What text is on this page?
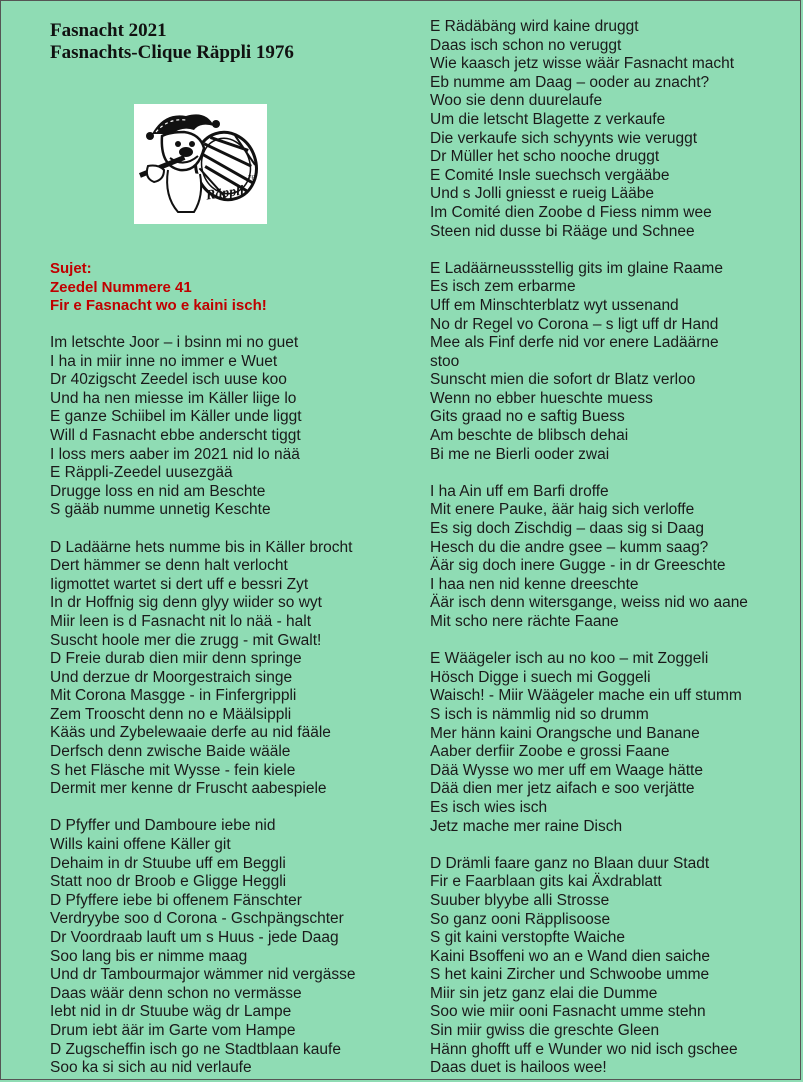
Fasnacht 2021
Fasnachts-Clique Räppli 1976
Räppli
76
Sujet:
Zeedel Nummere 41
Fir e Fasnacht wo e kaini isch!
Im letschte Joor – i bsinn mi no guet
I ha in miir inne no immer e Wuet
Dr 40zigscht Zeedel isch uuse koo
Und ha nen miesse im Käller liige lo
E ganze Schiibel im Käller unde liggt
Will d Fasnacht ebbe anderscht tiggt
I loss mers aaber im 2021 nid lo nää
E Räppli-Zeedel uusezgää
Drugge loss en nid am Beschte
S gääb numme unnetig Keschte
D Ladäärne hets numme bis in Käller brocht
Dert hämmer se denn halt verlocht
Iigmottet wartet si dert uff e bessri Zyt
In dr Hoffnig sig denn glyy wiider so wyt
Miir leen is d Fasnacht nit lo nää - halt
Suscht hoole mer die zrugg - mit Gwalt!
D Freie durab dien miir denn springe
Und derzue dr Moorgestraich singe
Mit Corona Masgge - in Finfergrippli
Zem Trooscht denn no e Määlsippli
Kääs und Zybelewaaie derfe au nid fääle
Derfsch denn zwische Baide wääle
S het Fläsche mit Wysse - fein kiele
Dermit mer kenne dr Fruscht aabespiele
D Pfyffer und Damboure iebe nid
Wills kaini offene Käller git
Dehaim in dr Stuube uff em Beggli
Statt noo dr Broob e Gligge Heggli
D Pfyffere iebe bi offenem Fänschter
Verdryybe soo d Corona - Gschpängschter
Dr Voordraab lauft um s Huus - jede Daag
Soo lang bis er nimme maag
Und dr Tambourmajor wämmer nid vergässe
Daas wäär denn schon no vermässe
Iebt nid in dr Stuube wäg dr Lampe
Drum iebt äär im Garte vom Hampe
D Zugscheffin isch go ne Stadtblaan kaufe
Soo ka si sich au nid verlaufe
E Rädäbäng wird kaine druggt
Daas isch schon no veruggt
Wie kaasch jetz wisse wäär Fasnacht macht
Eb numme am Daag – ooder au znacht?
Woo sie denn duurelaufe
Um die letscht Blagette z verkaufe
Die verkaufe sich schyynts wie veruggt
Dr Müller het scho nooche druggt
E Comité Insle suechsch vergääbe
Und s Jolli gniesst e rueig Lääbe
Im Comité dien Zoobe d Fiess nimm wee
Steen nid dusse bi Rääge und Schnee
E Ladäärneussstellig gits im glaine Raame
Es isch zem erbarme
Uff em Minschterblatz wyt ussenand
No dr Regel vo Corona – s ligt uff dr Hand
Mee als Finf derfe nid vor enere Ladäärne
stoo
Sunscht mien die sofort dr Blatz verloo
Wenn no ebber hueschte muess
Gits graad no e saftig Buess
Am beschte de blibsch dehai
Bi me ne Bierli ooder zwai
I ha Ain uff em Barfi droffe
Mit enere Pauke, äär haig sich verloffe
Es sig doch Zischdig – daas sig si Daag
Hesch du die andre gsee – kumm saag?
Äär sig doch inere Gugge - in dr Greeschte
I haa nen nid kenne dreeschte
Äär isch denn witersgange, weiss nid wo aane
Mit scho nere rächte Faane
E Wäägeler isch au no koo – mit Zoggeli
Hösch Digge i suech mi Goggeli
Waisch! - Miir Wäägeler mache ein uff stumm
S isch is nämmlig nid so drumm
Mer hänn kaini Orangsche und Banane
Aaber derfiir Zoobe e grossi Faane
Dää Wysse wo mer uff em Waage hätte
Dää dien mer jetz aifach e soo verjätte
Es isch wies isch
Jetz mache mer raine Disch
D Drämli faare ganz no Blaan duur Stadt
Fir e Faarblaan gits kai Äxdrablatt
Suuber blyybe alli Strosse
So ganz ooni Räpplisoose
S git kaini verstopfte Waiche
Kaini Bsoffeni wo an e Wand dien saiche
S het kaini Zircher und Schwoobe umme
Miir sin jetz ganz elai die Dumme
Soo wie miir ooni Fasnacht umme stehn
Sin miir gwiss die greschte Gleen
Hänn ghofft uff e Wunder wo nid isch gschee
Daas duet is hailoos wee!
